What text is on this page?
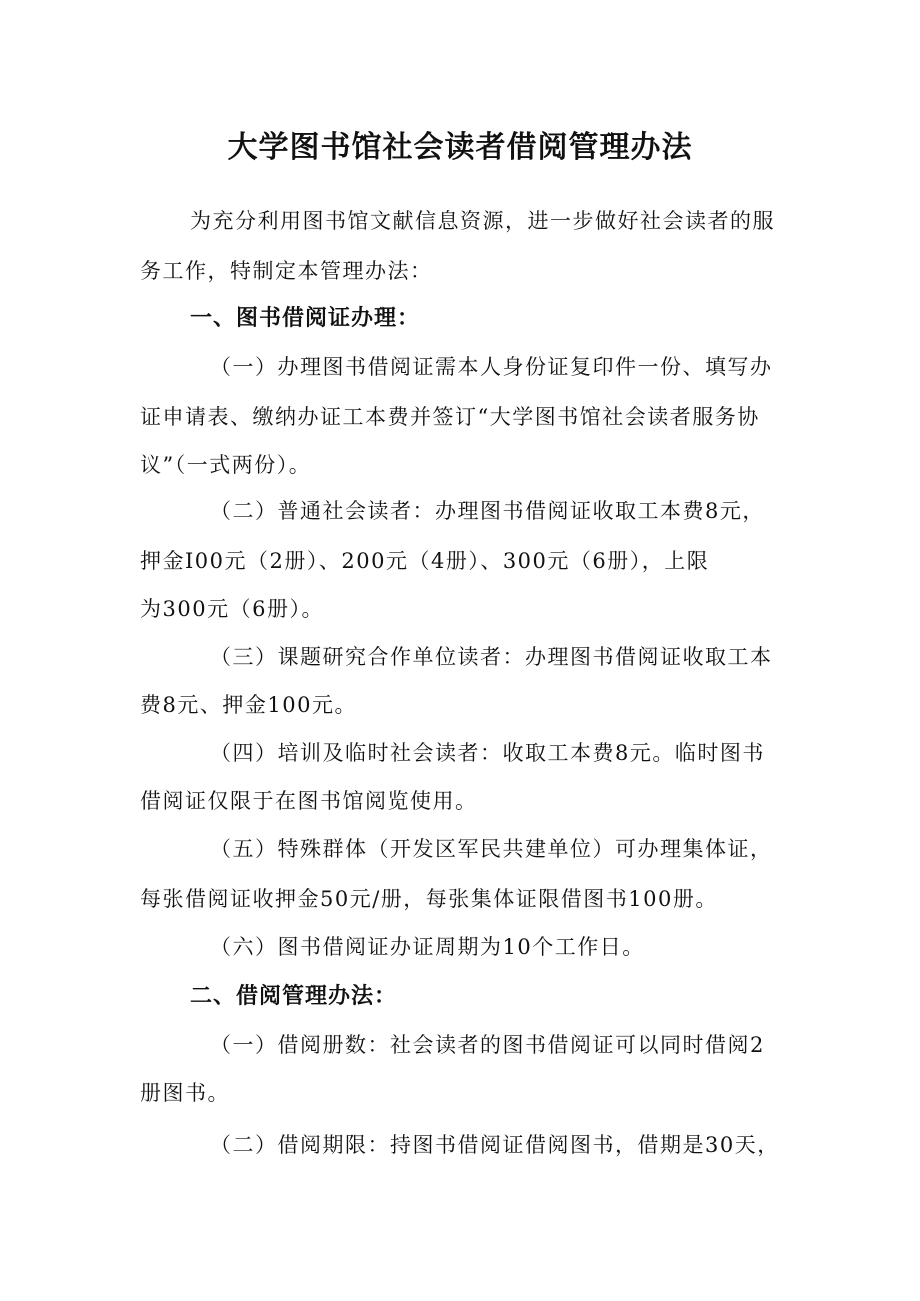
大学图书馆社会读者借阅管理办法
为充分利用图书馆文献信息资源，进一步做好社会读者的服
务工作，特制定本管理办法：
一、图书借阅证办理：
（一）办理图书借阅证需本人身份证复印件一份、填写办
证申请表、缴纳办证工本费并签订“大学图书馆社会读者服务协
议”（一式两份）。
（二）普通社会读者：办理图书借阅证收取工本费8元，
押金I00元（2册）、200元（4册）、300元（6册），上限
为300元（6册）。
（三）课题研究合作单位读者：办理图书借阅证收取工本
费8元、押金100元。
（四）培训及临时社会读者：收取工本费8元。临时图书
借阅证仅限于在图书馆阅览使用。
（五）特殊群体（开发区军民共建单位）可办理集体证，
每张借阅证收押金50元/册，每张集体证限借图书100册。
（六）图书借阅证办证周期为10个工作日。
二、借阅管理办法：
（一）借阅册数：社会读者的图书借阅证可以同时借阅2
册图书。
（二）借阅期限：持图书借阅证借阅图书，借期是30天，
